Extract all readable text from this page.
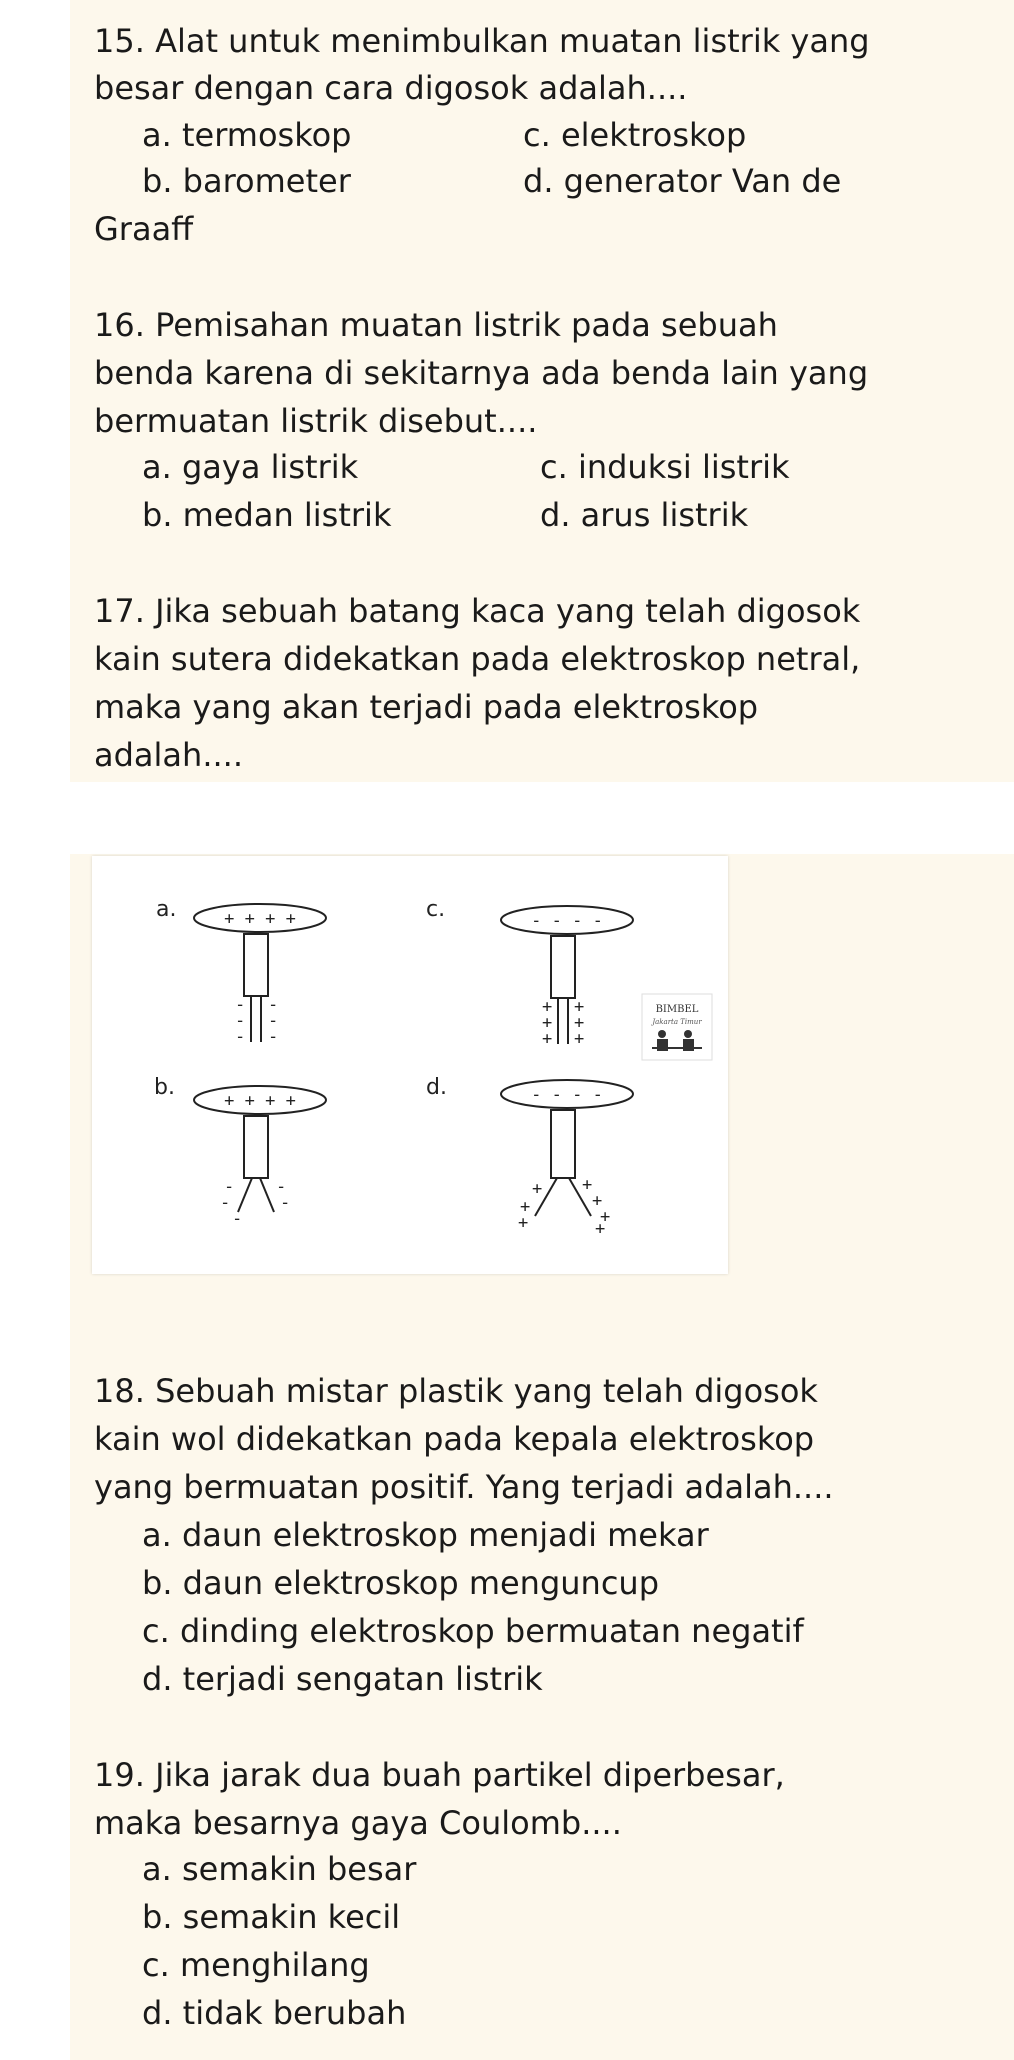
15. Alat untuk menimbulkan muatan listrik yang

besar dengan cara digosok adalah....

a. termoskop	c. elektroskop

b. barometer	d. generator Van de

Graaff

16. Pemisahan muatan listrik pada sebuah

benda karena di sekitarnya ada benda lain yang

bermuatan listrik disebut....

a. gaya listrik	c. induksi listrik

b. medan listrik	d. arus listrik

17. Jika sebuah batang kaca yang telah digosok

kain sutera didekatkan pada elektroskop netral,

maka yang akan terjadi pada elektroskop

adalah....

a.
b.
c.
d.
+ + + +
+ + + +
- - - -
- - - -
-
-
-
-
-
-
-
-
-
-
-
+
+
+
+
+
+
+
+
+
+
+
+
+
BIMBEL
Jakarta Timur

18. Sebuah mistar plastik yang telah digosok

kain wol didekatkan pada kepala elektroskop

yang bermuatan positif. Yang terjadi adalah....

a. daun elektroskop menjadi mekar

b. daun elektroskop menguncup

c. dinding elektroskop bermuatan negatif

d. terjadi sengatan listrik

19. Jika jarak dua buah partikel diperbesar,

maka besarnya gaya Coulomb....

a. semakin besar

b. semakin kecil

c. menghilang

d. tidak berubah
